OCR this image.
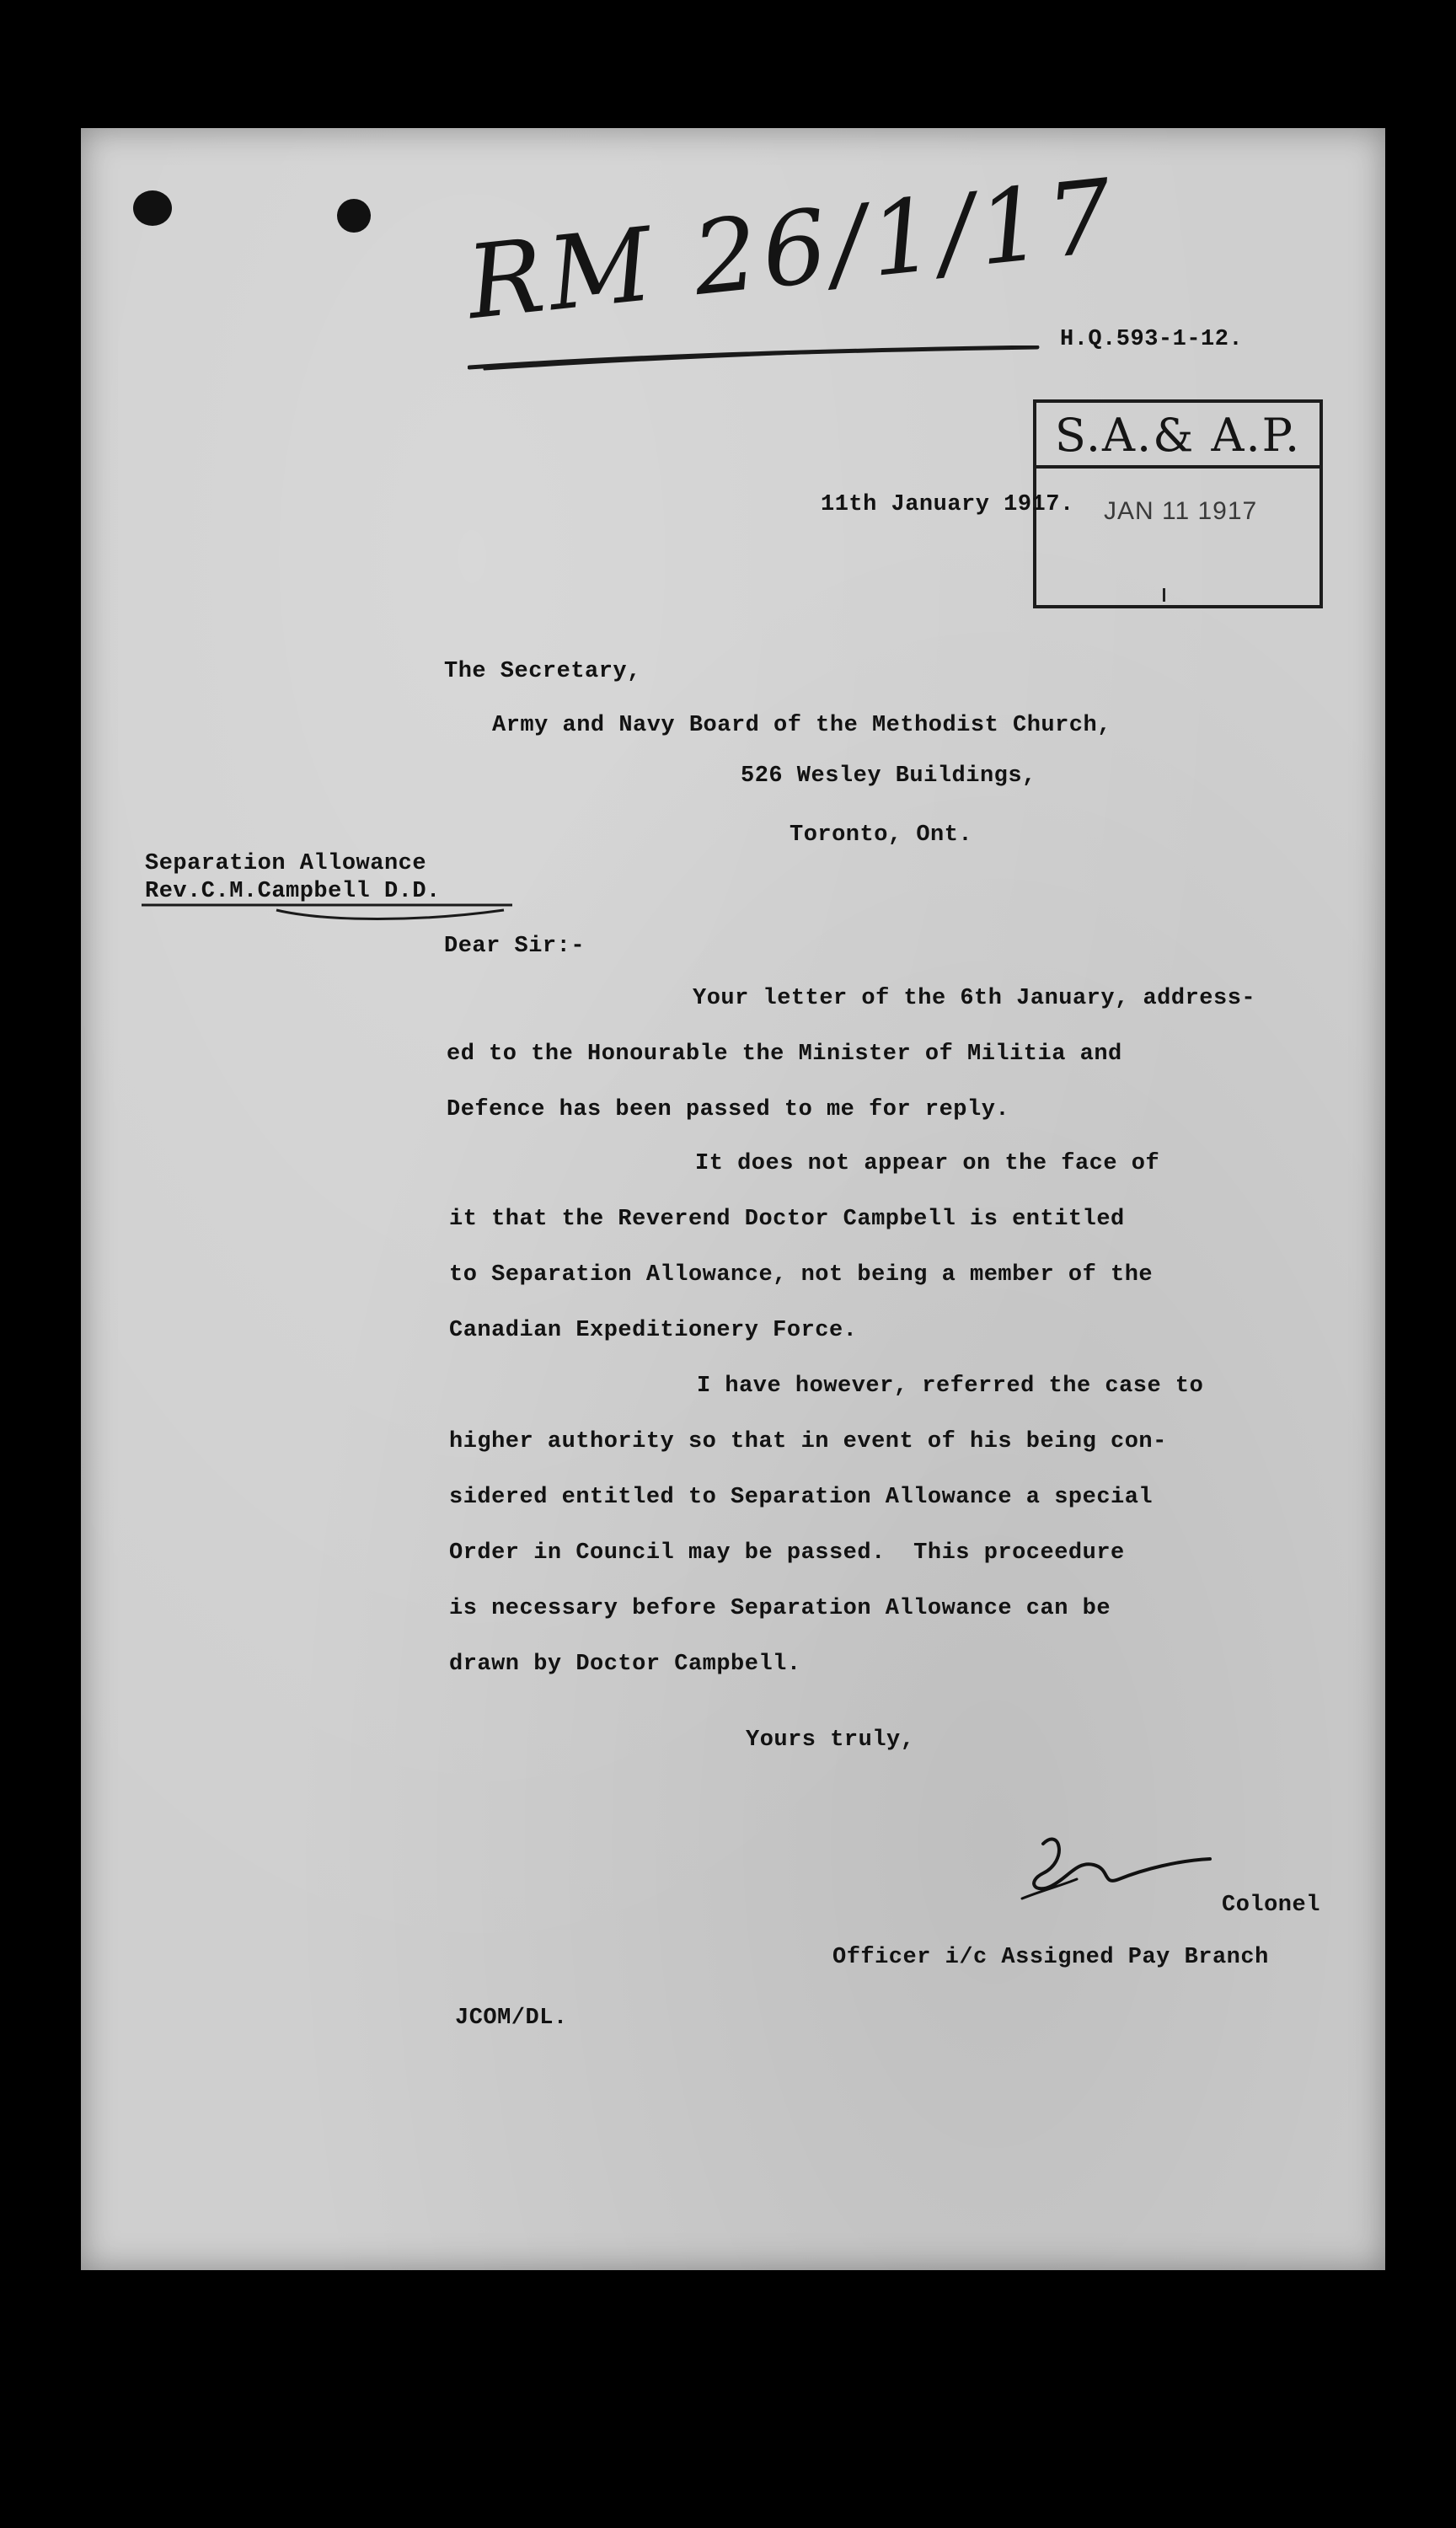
RM 26/1/17
H.Q.593-1-12.
S.A.& A.P.
JAN 11 1917
11th January 1917.
The Secretary,
Army and Navy Board of the Methodist Church,
526 Wesley Buildings,
Toronto, Ont.
Separation Allowance
Rev.C.M.Campbell D.D.
Dear Sir:-
Your letter of the 6th January, address-
ed to the Honourable the Minister of Militia and
Defence has been passed to me for reply.
It does not appear on the face of
it that the Reverend Doctor Campbell is entitled
to Separation Allowance, not being a member of the
Canadian Expeditionery Force.
I have however, referred the case to
higher authority so that in event of his being con-
sidered entitled to Separation Allowance a special
Order in Council may be passed.  This proceedure
is necessary before Separation Allowance can be
drawn by Doctor Campbell.
Yours truly,
Colonel
Officer i/c Assigned Pay Branch
JCOM/DL.
